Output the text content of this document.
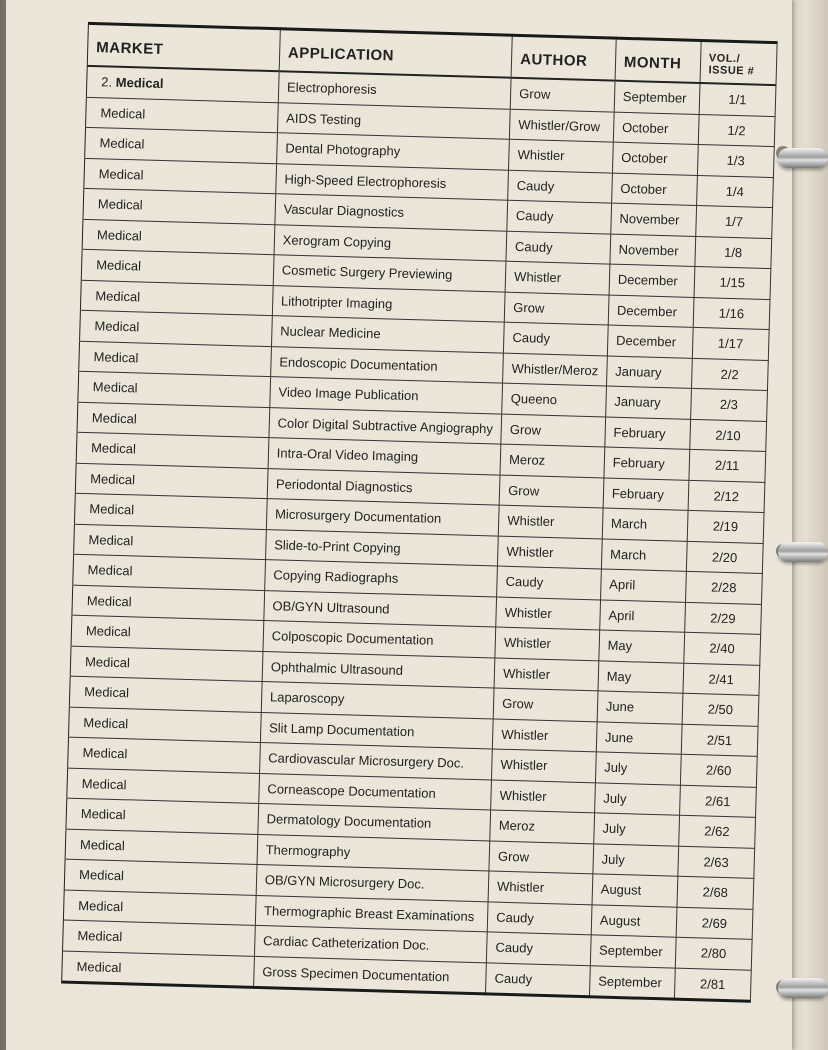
MARKET	APPLICATION	AUTHOR	MONTH	VOL./ ISSUE #
2. Medical	Electrophoresis	Grow	September	1/1
Medical	AIDS Testing	Whistler/Grow	October	1/2
Medical	Dental Photography	Whistler	October	1/3
Medical	High-Speed Electrophoresis	Caudy	October	1/4
Medical	Vascular Diagnostics	Caudy	November	1/7
Medical	Xerogram Copying	Caudy	November	1/8
Medical	Cosmetic Surgery Previewing	Whistler	December	1/15
Medical	Lithotripter Imaging	Grow	December	1/16
Medical	Nuclear Medicine	Caudy	December	1/17
Medical	Endoscopic Documentation	Whistler/Meroz	January	2/2
Medical	Video Image Publication	Queeno	January	2/3
Medical	Color Digital Subtractive Angiography	Grow	February	2/10
Medical	Intra-Oral Video Imaging	Meroz	February	2/11
Medical	Periodontal Diagnostics	Grow	February	2/12
Medical	Microsurgery Documentation	Whistler	March	2/19
Medical	Slide-to-Print Copying	Whistler	March	2/20
Medical	Copying Radiographs	Caudy	April	2/28
Medical	OB/GYN Ultrasound	Whistler	April	2/29
Medical	Colposcopic Documentation	Whistler	May	2/40
Medical	Ophthalmic Ultrasound	Whistler	May	2/41
Medical	Laparoscopy	Grow	June	2/50
Medical	Slit Lamp Documentation	Whistler	June	2/51
Medical	Cardiovascular Microsurgery Doc.	Whistler	July	2/60
Medical	Corneascope Documentation	Whistler	July	2/61
Medical	Dermatology Documentation	Meroz	July	2/62
Medical	Thermography	Grow	July	2/63
Medical	OB/GYN Microsurgery Doc.	Whistler	August	2/68
Medical	Thermographic Breast Examinations	Caudy	August	2/69
Medical	Cardiac Catheterization Doc.	Caudy	September	2/80
Medical	Gross Specimen Documentation	Caudy	September	2/81
